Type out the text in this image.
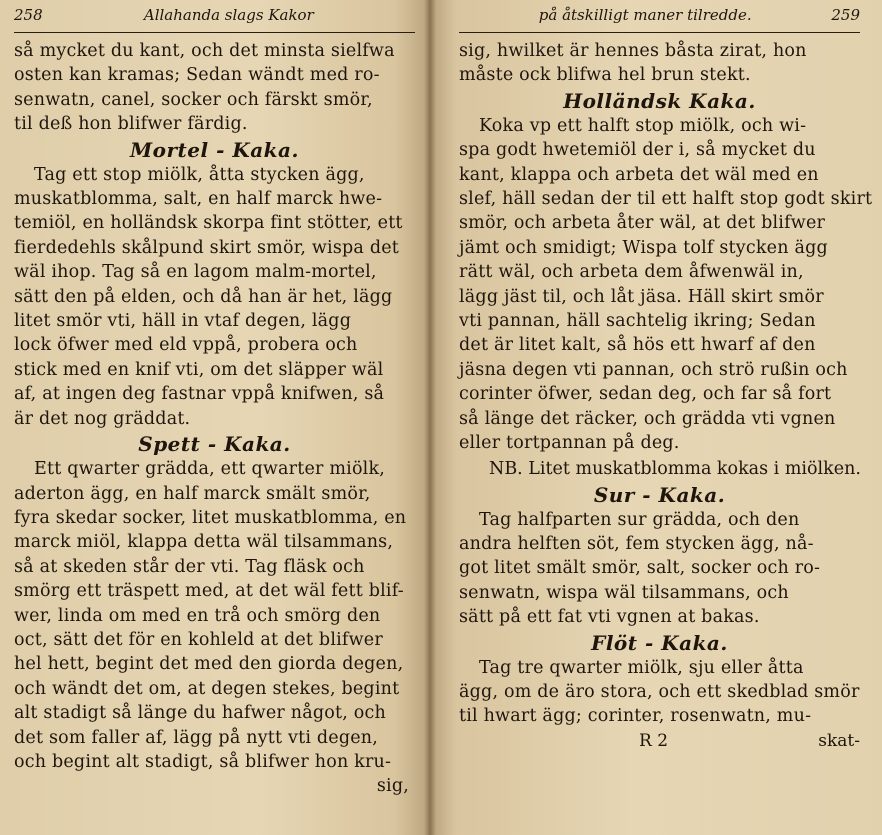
258	Allahanda slags Kakor
så mycket du kant, och det minsta sielfwa
osten kan kramas; Sedan wändt med ro-
senwatn, canel, socker och färskt smör,
til deß hon blifwer färdig.
Mortel - Kaka.
Tag ett stop miölk, åtta stycken ägg,
muskatblomma, salt, en half marck hwe-
temiöl, en holländsk skorpa fint stötter, ett
fierdedehls skålpund skirt smör, wispa det
wäl ihop. Tag så en lagom malm-mortel,
sätt den på elden, och då han är het, lägg
litet smör vti, häll in vtaf degen, lägg
lock öfwer med eld vppå, probera och
stick med en knif vti, om det släpper wäl
af, at ingen deg fastnar vppå knifwen, så
är det nog gräddat.
Spett - Kaka.
Ett qwarter grädda, ett qwarter miölk,
aderton ägg, en half marck smält smör,
fyra skedar socker, litet muskatblomma, en
marck miöl, klappa detta wäl tilsammans,
så at skeden står der vti. Tag fläsk och
smörg ett träspett med, at det wäl fett blif-
wer, linda om med en trå och smörg den
oct, sätt det för en kohleld at det blifwer
hel hett, begint det med den giorda degen,
och wändt det om, at degen stekes, begint
alt stadigt så länge du hafwer något, och
det som faller af, lägg på nytt vti degen,
och begint alt stadigt, så blifwer hon kru-
sig,
på åtskilligt maner tilredde.	259
sig, hwilket är hennes båsta zirat, hon
måste ock blifwa hel brun stekt.
Holländsk Kaka.
Koka vp ett halft stop miölk, och wi-
spa godt hwetemiöl der i, så mycket du
kant, klappa och arbeta det wäl med en
slef, häll sedan der til ett halft stop godt skirt
smör, och arbeta åter wäl, at det blifwer
jämt och smidigt; Wispa tolf stycken ägg
rätt wäl, och arbeta dem åfwenwäl in,
lägg jäst til, och låt jäsa. Häll skirt smör
vti pannan, häll sachtelig ikring; Sedan
det är litet kalt, så hös ett hwarf af den
jäsna degen vti pannan, och strö rußin och
corinter öfwer, sedan deg, och far så fort
så länge det räcker, och grädda vti vgnen
eller tortpannan på deg.
NB. Litet muskatblomma kokas i miölken.
Sur - Kaka.
Tag halfparten sur grädda, och den
andra helften söt, fem stycken ägg, nå-
got litet smält smör, salt, socker och ro-
senwatn, wispa wäl tilsammans, och
sätt på ett fat vti vgnen at bakas.
Flöt - Kaka.
Tag tre qwarter miölk, sju eller åtta
ägg, om de äro stora, och ett skedblad smör
til hwart ägg; corinter, rosenwatn, mu-
R 2	skat-
